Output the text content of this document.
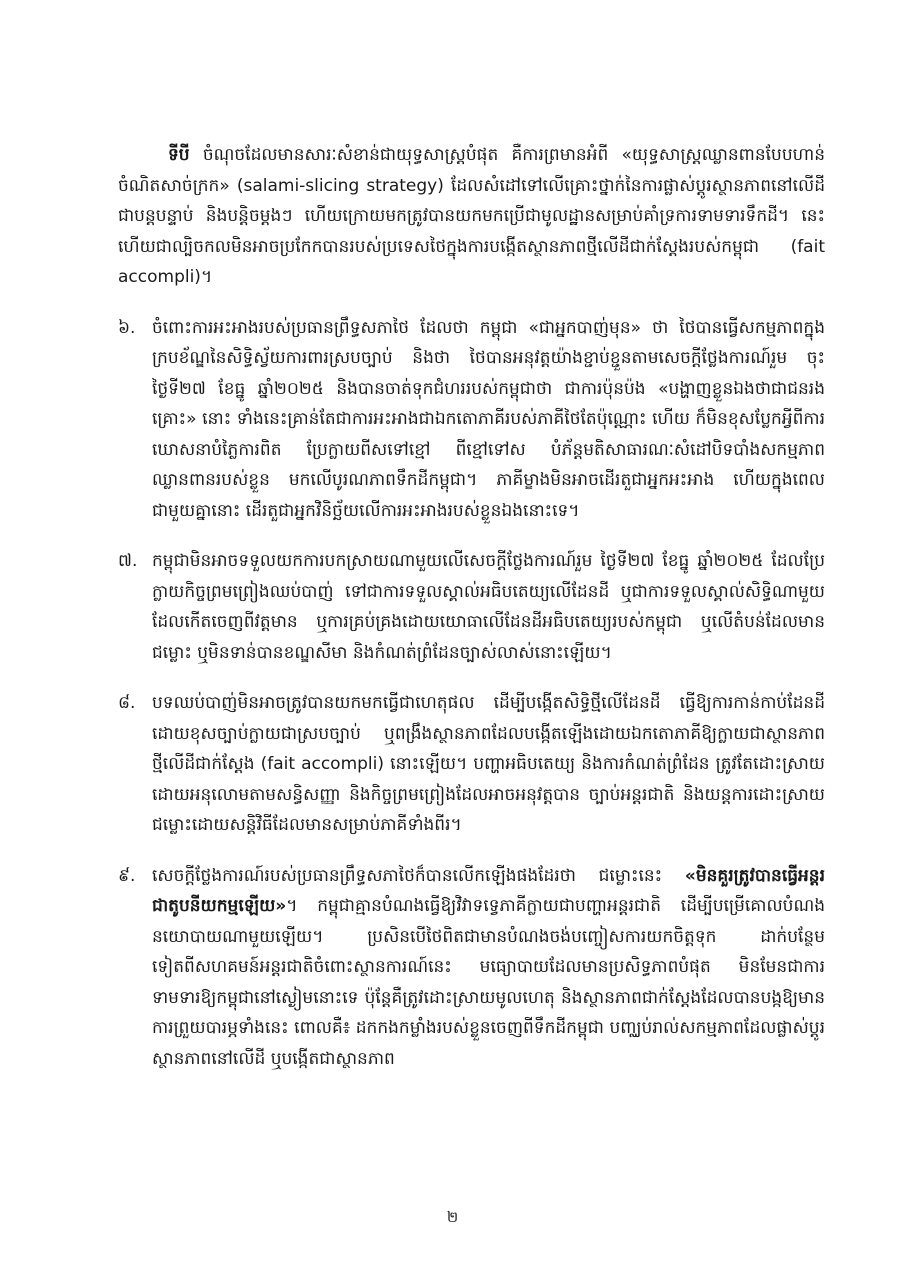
ទីបី ចំណុចដែលមានសារៈសំខាន់ជាយុទ្ធសាស្ត្របំផុត គឺការព្រមានអំពី «យុទ្ធសាស្ត្រឈ្លានពានបែបហាន់ចំណិតសាច់ក្រក» (salami-slicing strategy) ដែលសំដៅទៅលើគ្រោះថ្នាក់នៃការផ្លាស់ប្តូរស្ថានភាពនៅលើដីជាបន្តបន្ទាប់ និងបន្តិចម្តងៗ ហើយក្រោយមកត្រូវបានយកមកប្រើជាមូលដ្ឋានសម្រាប់គាំទ្រការទាមទារទឹកដី។ នេះហើយជាល្បិចកលមិនអាចប្រកែកបានរបស់ប្រទេសថៃក្នុងការបង្កើតស្ថានភាពថ្មីលើដីជាក់ស្តែងរបស់កម្ពុជា (fait accompli)។

៦. ចំពោះការអះអាងរបស់ប្រធានព្រឹទ្ធសភាថៃ ដែលថា កម្ពុជា «ជាអ្នកបាញ់មុន» ថា ថៃបានធ្វើសកម្មភាពក្នុងក្របខ័ណ្ឌនៃសិទ្ធិស្វ័យការពារស្របច្បាប់ និងថា ថៃបានអនុវត្តយ៉ាងខ្ជាប់ខ្ជួនតាមសេចក្តីថ្លែងការណ៍រួម ចុះថ្ងៃទី២៧ ខែធ្នូ ឆ្នាំ២០២៥ និងបានចាត់ទុកជំហររបស់កម្ពុជាថា ជាការប៉ុនប៉ង «បង្ហាញខ្លួនឯងថាជាជនរងគ្រោះ» នោះ ទាំងនេះគ្រាន់តែជាការអះអាងជាឯកតោភាគីរបស់ភាគីថៃតែប៉ុណ្ណោះ ហើយ ក៏មិនខុសប្លែកអ្វីពីការឃោសនាបំភ្លៃការពិត ប្រែក្លាយពីសទៅខ្មៅ ពីខ្មៅទៅស បំភ័ន្តមតិសាធារណៈសំដៅបិទបាំងសកម្មភាពឈ្លានពានរបស់ខ្លួន មកលើបូរណភាពទឹកដីកម្ពុជា។ ភាគីម្ខាងមិនអាចដើរតួជាអ្នកអះអាង ហើយក្នុងពេលជាមួយគ្នានោះ ដើរតួជាអ្នកវិនិច្ឆ័យលើការអះអាងរបស់ខ្លួនឯងនោះទេ។

៧. កម្ពុជាមិនអាចទទួលយកការបកស្រាយណាមួយលើសេចក្តីថ្លែងការណ៍រួម ថ្ងៃទី២៧ ខែធ្នូ ឆ្នាំ២០២៥ ដែលប្រែក្លាយកិច្ចព្រមព្រៀងឈប់បាញ់ ទៅជាការទទួលស្គាល់អធិបតេយ្យលើដែនដី ឬជាការទទួលស្គាល់សិទ្ធិណាមួយដែលកើតចេញពីវត្តមាន ឬការគ្រប់គ្រងដោយយោធាលើដែនដីអធិបតេយ្យរបស់កម្ពុជា ឬលើតំបន់ដែលមានជម្លោះ ឬមិនទាន់បានខណ្ឌសីមា និងកំណត់ព្រំដែនច្បាស់លាស់នោះឡើយ។

៨. បទឈប់បាញ់មិនអាចត្រូវបានយកមកធ្វើជាហេតុផល ដើម្បីបង្កើតសិទ្ធិថ្មីលើដែនដី ធ្វើឱ្យការកាន់កាប់ដែនដីដោយខុសច្បាប់ក្លាយជាស្របច្បាប់ ឬពង្រឹងស្ថានភាពដែលបង្កើតឡើងដោយឯកតោភាគីឱ្យក្លាយជាស្ថានភាពថ្មីលើដីជាក់ស្តែង (fait accompli) នោះឡើយ។ បញ្ហាអធិបតេយ្យ និងការកំណត់ព្រំដែន ត្រូវតែដោះស្រាយដោយអនុលោមតាមសន្ធិសញ្ញា និងកិច្ចព្រមព្រៀងដែលអាចអនុវត្តបាន ច្បាប់អន្តរជាតិ និងយន្តការដោះស្រាយជម្លោះដោយសន្តិវិធីដែលមានសម្រាប់ភាគីទាំងពីរ។

៩. សេចក្តីថ្លែងការណ៍របស់ប្រធានព្រឹទ្ធសភាថៃក៏បានលើកឡើងផងដែរថា ជម្លោះនេះ «មិនគួរត្រូវបានធ្វើអន្តរជាតូបនីយកម្មឡើយ»។ កម្ពុជាគ្មានបំណងធ្វើឱ្យវិវាទទ្វេភាគីក្លាយជាបញ្ហាអន្តរជាតិ ដើម្បីបម្រើគោលបំណងនយោបាយណាមួយឡើយ។ ប្រសិនបើថៃពិតជាមានបំណងចង់បញ្ចៀសការយកចិត្តទុក ដាក់បន្ថែមទៀតពីសហគមន៍អន្តរជាតិចំពោះស្ថានការណ៍នេះ មធ្យោបាយដែលមានប្រសិទ្ធភាពបំផុត មិនមែនជាការទាមទារឱ្យកម្ពុជានៅស្ងៀមនោះទេ ប៉ុន្តែគឺត្រូវដោះស្រាយមូលហេតុ និងស្ថានភាពជាក់ស្តែងដែលបានបង្កឱ្យមានការព្រួយបារម្ភទាំងនេះ ពោលគឺ៖ ដកកងកម្លាំងរបស់ខ្លួនចេញពីទឹកដីកម្ពុជា បញ្ឈប់រាល់សកម្មភាពដែលផ្លាស់ប្តូរស្ថានភាពនៅលើដី ឬបង្កើតជាស្ថានភាព

២
